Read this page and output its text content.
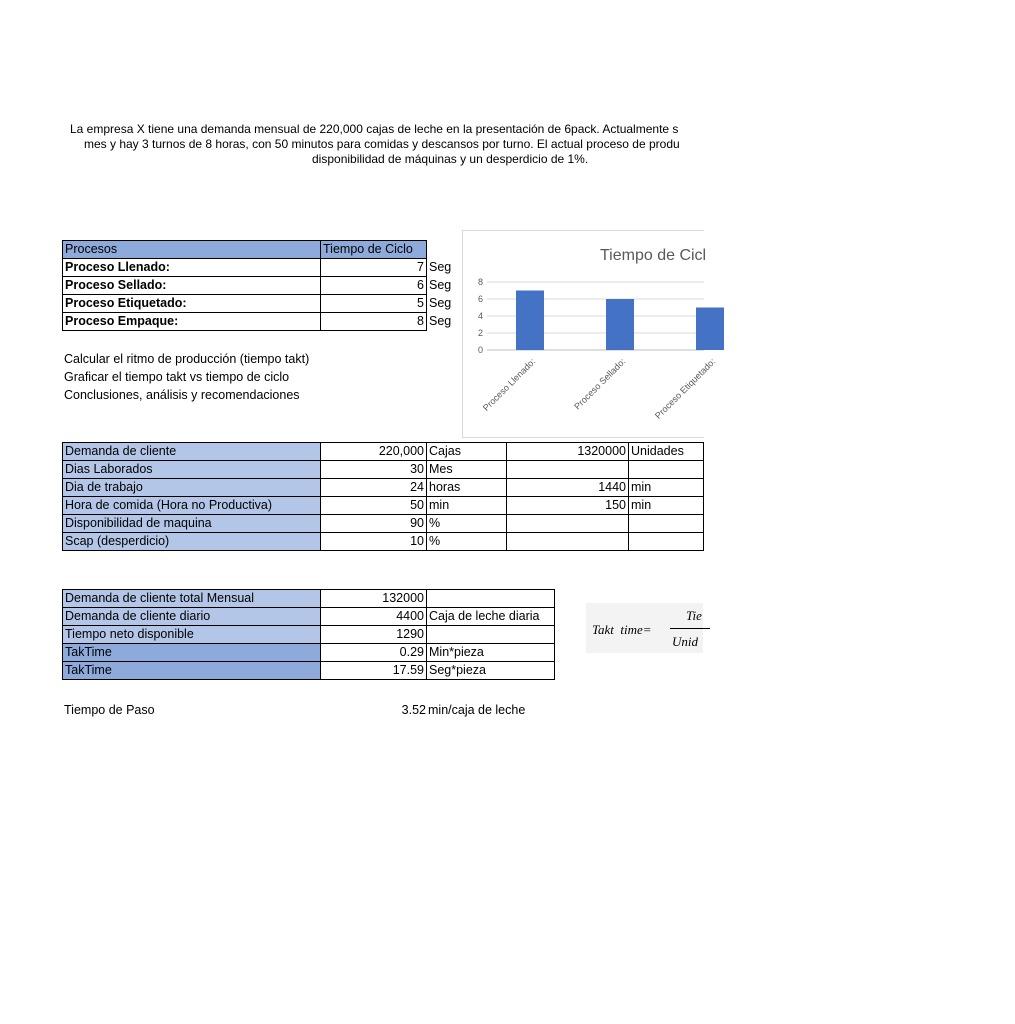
La empresa X tiene una demanda mensual de 220,000 cajas de leche en la presentación de 6pack. Actualmente s
mes y hay 3 turnos de 8 horas, con 50 minutos para comidas y descansos por turno. El actual proceso de produ
disponibilidad de máquinas y un desperdicio de 1%.
Procesos	Tiempo de Ciclo	
Proceso Llenado:	7	Seg
Proceso Sellado:	6	Seg
Proceso Etiquetado:	5	Seg
Proceso Empaque:	8	Seg
Calcular el ritmo de producción (tiempo takt)
Graficar el tiempo takt vs tiempo de ciclo
Conclusiones, análisis y recomendaciones
Tiempo de Cicl
8
6
4
2
0
Proceso Llenado:	Proceso Sellado:	Proceso Etiquetado:
Demanda de cliente	220,000	Cajas	1320000	Unidades
Dias Laborados	30	Mes		
Dia de trabajo	24	horas	1440	min
Hora de comida (Hora no Productiva)	50	min	150	min
Disponibilidad de maquina	90	%		
Scap (desperdicio)	10	%		
Demanda de cliente total Mensual	132000	
Demanda de cliente diario	4400	Caja de leche diaria
Tiempo neto disponible	1290	
TakTime	0.29	Min*pieza
TakTime	17.59	Seg*pieza
Takt  time=
Tie
Unid
Tiempo de Paso	3.52 min/caja de leche
